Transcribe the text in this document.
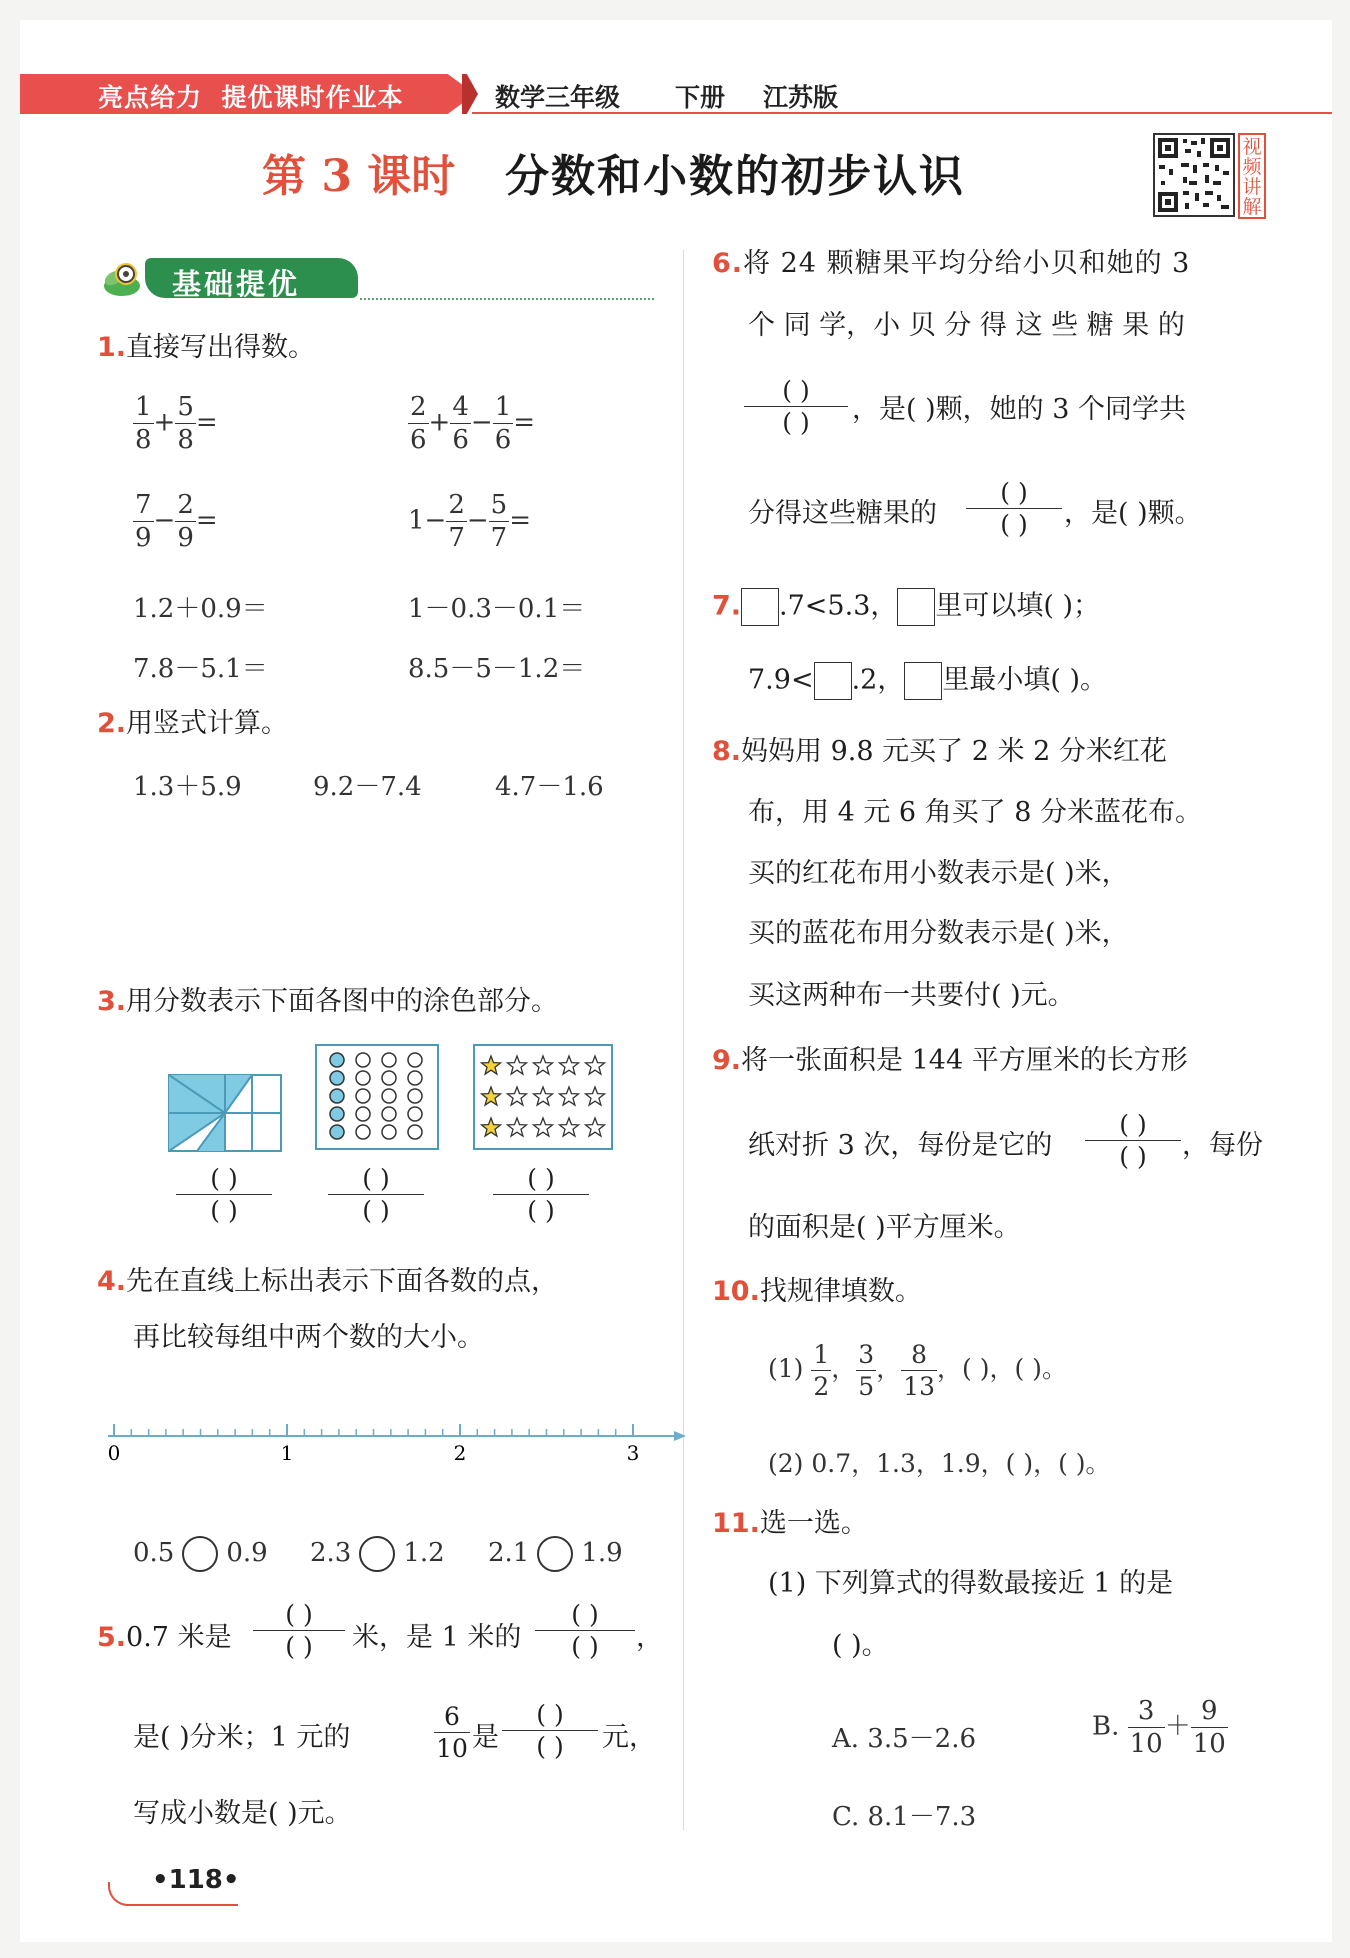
亮点给力 提优课时作业本	数学三年级 下册 江苏版
第 3 课时 分数和小数的初步认识
视频讲解
基础提优
1.直接写出得数。
$\frac{1}{8} + \frac{5}{8}$ =	$\frac{2}{6} + \frac{4}{6} - \frac{1}{6}$ =
$\frac{7}{9} - \frac{2}{9}$ =	$1- \frac{2}{7} - \frac{5}{7}$ =
1.2＋0.9＝	1－0.3－0.1＝
7.8－5.1＝	8.5－5－1.2＝
2.用竖式计算。
1.3＋5.9	9.2－7.4	4.7－1.6
3.用分数表示下面各图中的涂色部分。
( )
( )
( )
( )
( )
( )
4.先在直线上标出表示下面各数的点，
再比较每组中两个数的大小。
0	1	2	3
0.5 0.9 2.3 1.2 2.1 1.9
5.0.7 米是
( )
( )	米，是 1 米的
( )
( )	，
是( )分米；1 元的
6
10 是
( )
( )	元，
写成小数是( )元。
•118•
6.将 24 颗糖果平均分给小贝和她的 3
个 同 学，小 贝 分 得 这 些 糖 果 的
( )
( )	，是( )颗，她的 3 个同学共
分得这些糖果的
( )
( )	，是( )颗。
7. .7<5.3， 里可以填( )；
7.9< .2， 里最小填( )。
8.妈妈用 9.8 元买了 2 米 2 分米红花
布，用 4 元 6 角买了 8 分米蓝花布。
买的红花布用小数表示是( )米，
买的蓝花布用分数表示是( )米，
买这两种布一共要付( )元。
9.将一张面积是 144 平方厘米的长方形
纸对折 3 次，每份是它的
( )
( )	，每份
的面积是( )平方厘米。
10.找规律填数。
$(1) \frac{1}{2}$ ， $\frac{3}{5}$ ， $\frac{8}{13}$ ，( )，( )。
(2) 0.7，1.3，1.9，( )，( )。
11.选一选。
(1) 下列算式的得数最接近 1 的是
( )。
A. 3.5－2.6	B. $\frac{3}{10} + \frac{9}{10}$
C. 8.1－7.3
